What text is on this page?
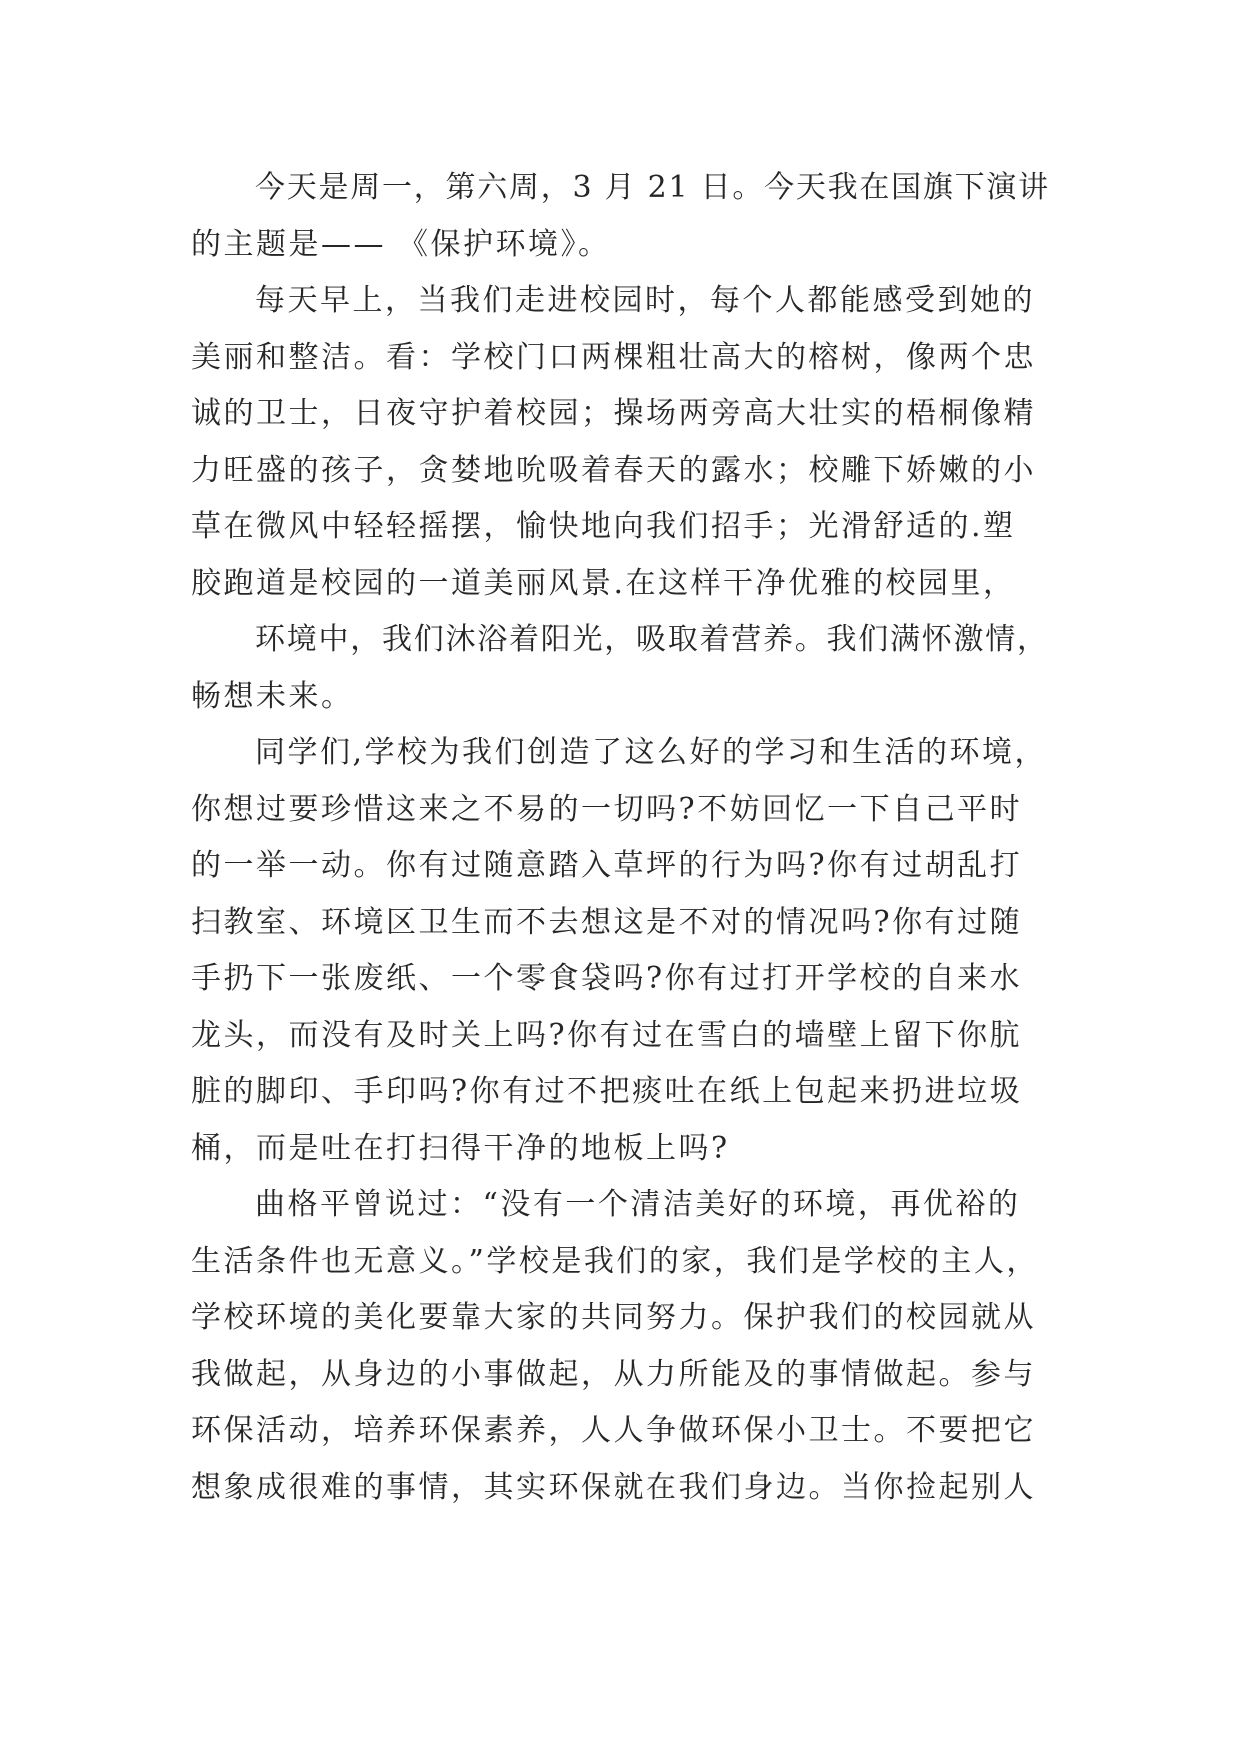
今天是周一，第六周，3 月 21 日。今天我在国旗下演讲
的主题是—— 《保护环境》。
每天早上，当我们走进校园时，每个人都能感受到她的
美丽和整洁。看：学校门口两棵粗壮高大的榕树，像两个忠
诚的卫士，日夜守护着校园；操场两旁高大壮实的梧桐像精
力旺盛的孩子，贪婪地吮吸着春天的露水；校雕下娇嫩的小
草在微风中轻轻摇摆，愉快地向我们招手；光滑舒适的.塑
胶跑道是校园的一道美丽风景.在这样干净优雅的校园里，
环境中，我们沐浴着阳光，吸取着营养。我们满怀激情，
畅想未来。
同学们,学校为我们创造了这么好的学习和生活的环境，
你想过要珍惜这来之不易的一切吗?不妨回忆一下自己平时
的一举一动。你有过随意踏入草坪的行为吗?你有过胡乱打
扫教室、环境区卫生而不去想这是不对的情况吗?你有过随
手扔下一张废纸、一个零食袋吗?你有过打开学校的自来水
龙头，而没有及时关上吗?你有过在雪白的墙壁上留下你肮
脏的脚印、手印吗?你有过不把痰吐在纸上包起来扔进垃圾
桶，而是吐在打扫得干净的地板上吗?
曲格平曾说过：“没有一个清洁美好的环境，再优裕的
生活条件也无意义。”学校是我们的家，我们是学校的主人，
学校环境的美化要靠大家的共同努力。保护我们的校园就从
我做起，从身边的小事做起，从力所能及的事情做起。参与
环保活动，培养环保素养，人人争做环保小卫士。不要把它
想象成很难的事情，其实环保就在我们身边。当你捡起别人
